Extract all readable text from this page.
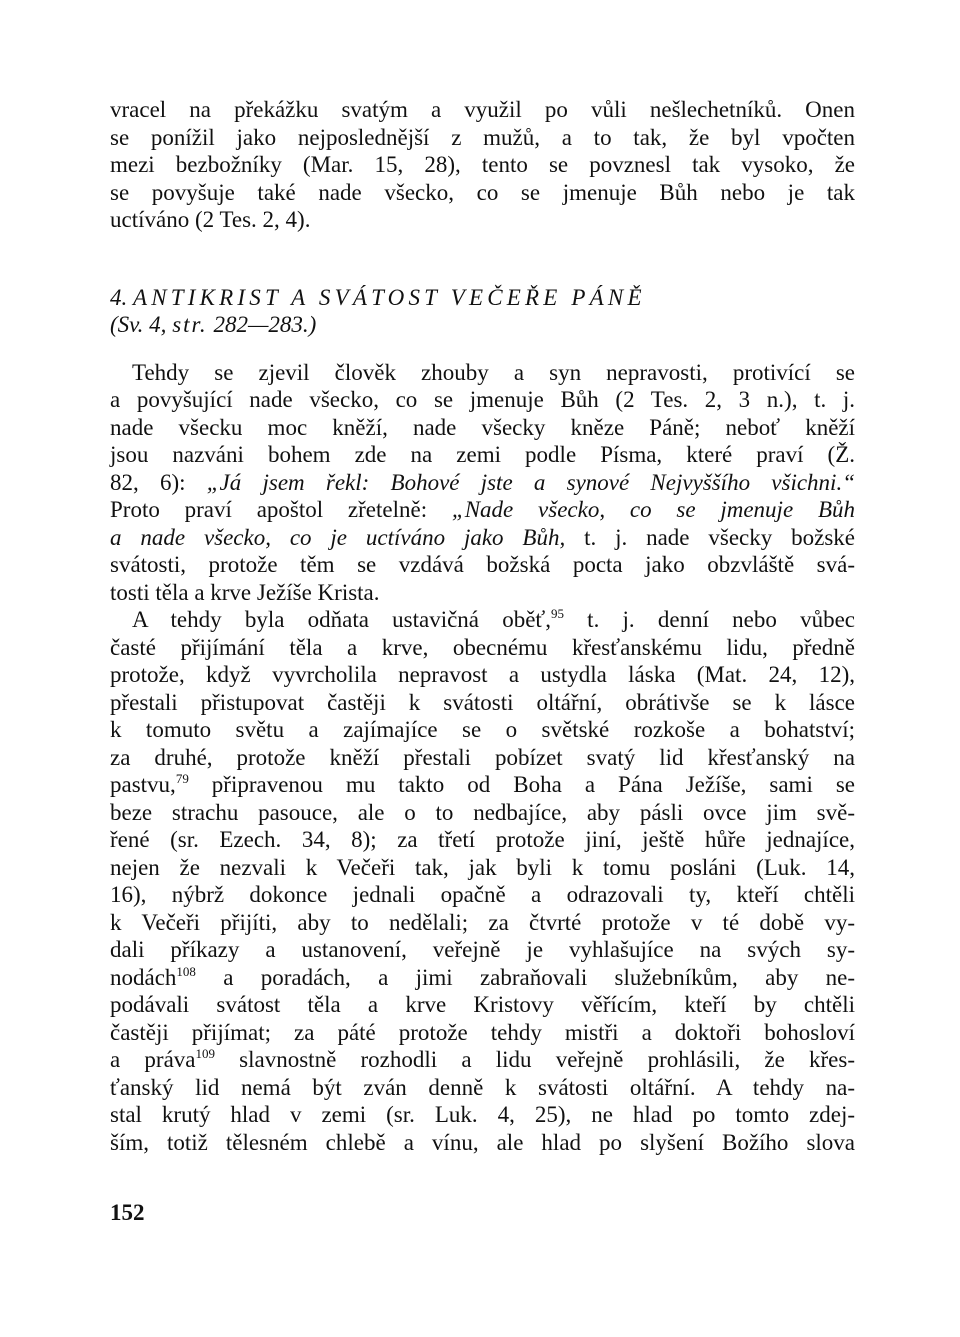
vracel na překážku svatým a využil po vůli nešlechetníků. Onen
se ponížil jako nejposlednější z mužů, a to tak, že byl vpočten
mezi bezbožníky (Mar. 15, 28), tento se povznesl tak vysoko, že
se povyšuje také nade všecko, co se jmenuje Bůh nebo je tak
uctíváno (2 Tes. 2, 4).
4. ANTIKRIST A SVÁTOST VEČEŘE PÁNĚ
(Sv. 4, str. 282—283.)
Tehdy se zjevil člověk zhouby a syn nepravosti, protivící se
a povyšující nade všecko, co se jmenuje Bůh (2 Tes. 2, 3 n.), t. j.
nade všecku moc kněží, nade všecky kněze Páně; neboť kněží
jsou nazváni bohem zde na zemi podle Písma, které praví (Ž.
82, 6): „Já jsem řekl: Bohové jste a synové Nejvyššího všichni.“
Proto praví apoštol zřetelně: „Nade všecko, co se jmenuje Bůh
a nade všecko, co je uctíváno jako Bůh, t. j. nade všecky božské
svátosti, protože těm se vzdává božská pocta jako obzvláště svá-
tosti těla a krve Ježíše Krista.
A tehdy byla odňata ustavičná oběť,$^{95}$ t. j. denní nebo vůbec
časté přijímání těla a krve, obecnému křesťanskému lidu, předně
protože, když vyvrcholila nepravost a ustydla láska (Mat. 24, 12),
přestali přistupovat častěji k svátosti oltářní, obrátivše se k lásce
k tomuto světu a zajímajíce se o světské rozkoše a bohatství;
za druhé, protože kněží přestali pobízet svatý lid křesťanský na
pastvu,$^{79}$ připravenou mu takto od Boha a Pána Ježíše, sami se
beze strachu pasouce, ale o to nedbajíce, aby pásli ovce jim svě-
řené (sr. Ezech. 34, 8); za třetí protože jiní, ještě hůře jednajíce,
nejen že nezvali k Večeři tak, jak byli k tomu posláni (Luk. 14,
16), nýbrž dokonce jednali opačně a odrazovali ty, kteří chtěli
k Večeři přijíti, aby to nedělali; za čtvrté protože v té době vy-
dali příkazy a ustanovení, veřejně je vyhlašujíce na svých sy-
nodách$^{108}$ a poradách, a jimi zabraňovali služebníkům, aby ne-
podávali svátost těla a krve Kristovy věřícím, kteří by chtěli
častěji přijímat; za páté protože tehdy mistři a doktoři bohosloví
a práva$^{109}$ slavnostně rozhodli a lidu veřejně prohlásili, že křes-
ťanský lid nemá být zván denně k svátosti oltářní. A tehdy na-
stal krutý hlad v zemi (sr. Luk. 4, 25), ne hlad po tomto zdej-
ším, totiž tělesném chlebě a vínu, ale hlad po slyšení Božího slova
152
